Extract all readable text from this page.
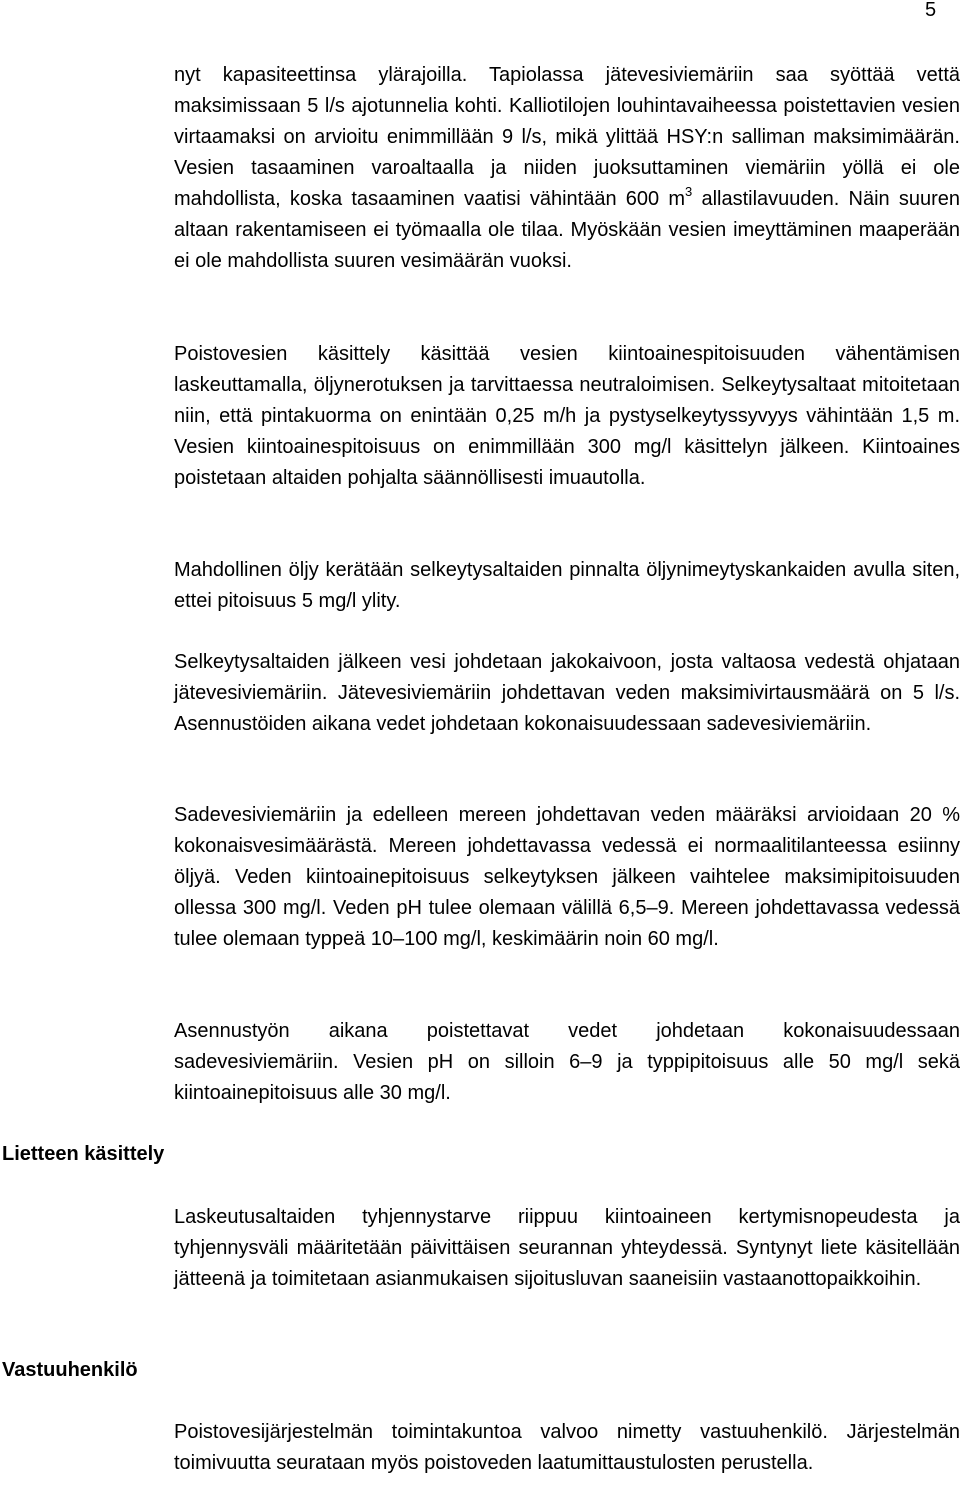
5

nyt kapasiteettinsa ylärajoilla. Tapiolassa jätevesiviemäriin saa syöttää vettä maksimissaan 5 l/s ajotunnelia kohti. Kalliotilojen louhintavaiheessa poistettavien vesien virtaamaksi on arvioitu enimmillään 9 l/s, mikä ylittää HSY:n salliman maksimimäärän. Vesien tasaaminen varoaltaalla ja niiden juoksuttaminen viemäriin yöllä ei ole mahdollista, koska tasaaminen vaatisi vähintään 600 $m^3$ allastilavuuden. Näin suuren altaan rakentamiseen ei työmaalla ole tilaa. Myöskään vesien imeyttäminen maaperään ei ole mahdollista suuren vesimäärän vuoksi.

Poistovesien käsittely käsittää vesien kiintoainespitoisuuden vähentämisen laskeuttamalla, öljynerotuksen ja tarvittaessa neutraloimisen. Selkeytysaltaat mitoitetaan niin, että pintakuorma on enintään 0,25 m/h ja pystyselkeytyssyvyys vähintään 1,5 m. Vesien kiintoainespitoisuus on enimmillään 300 mg/l käsittelyn jälkeen. Kiintoaines poistetaan altaiden pohjalta säännöllisesti imuautolla.

Mahdollinen öljy kerätään selkeytysaltaiden pinnalta öljynimeytyskankaiden avulla siten, ettei pitoisuus 5 mg/l ylity.

Selkeytysaltaiden jälkeen vesi johdetaan jakokaivoon, josta valtaosa vedestä ohjataan jätevesiviemäriin. Jätevesiviemäriin johdettavan veden maksimivirtausmäärä on 5 l/s. Asennustöiden aikana vedet johdetaan kokonaisuudessaan sadevesiviemäriin.

Sadevesiviemäriin ja edelleen mereen johdettavan veden määräksi arvioidaan 20 % kokonaisvesimäärästä. Mereen johdettavassa vedessä ei normaalitilanteessa esiinny öljyä. Veden kiintoainepitoisuus selkeytyksen jälkeen vaihtelee maksimipitoisuuden ollessa 300 mg/l. Veden pH tulee olemaan välillä 6,5–9. Mereen johdettavassa vedessä tulee olemaan typpeä 10–100 mg/l, keskimäärin noin 60 mg/l.

Asennustyön aikana poistettavat vedet johdetaan kokonaisuudessaan sadevesiviemäriin. Vesien pH on silloin 6–9 ja typpipitoisuus alle 50 mg/l sekä kiintoainepitoisuus alle 30 mg/l.

Lietteen käsittely

Laskeutusaltaiden tyhjennystarve riippuu kiintoaineen kertymisnopeudesta ja tyhjennysväli määritetään päivittäisen seurannan yhteydessä. Syntynyt liete käsitellään jätteenä ja toimitetaan asianmukaisen sijoitusluvan saaneisiin vastaanottopaikkoihin.

Vastuuhenkilö

Poistovesijärjestelmän toimintakuntoa valvoo nimetty vastuuhenkilö. Järjestelmän toimivuutta seurataan myös poistoveden laatumittaustulosten perustella.
